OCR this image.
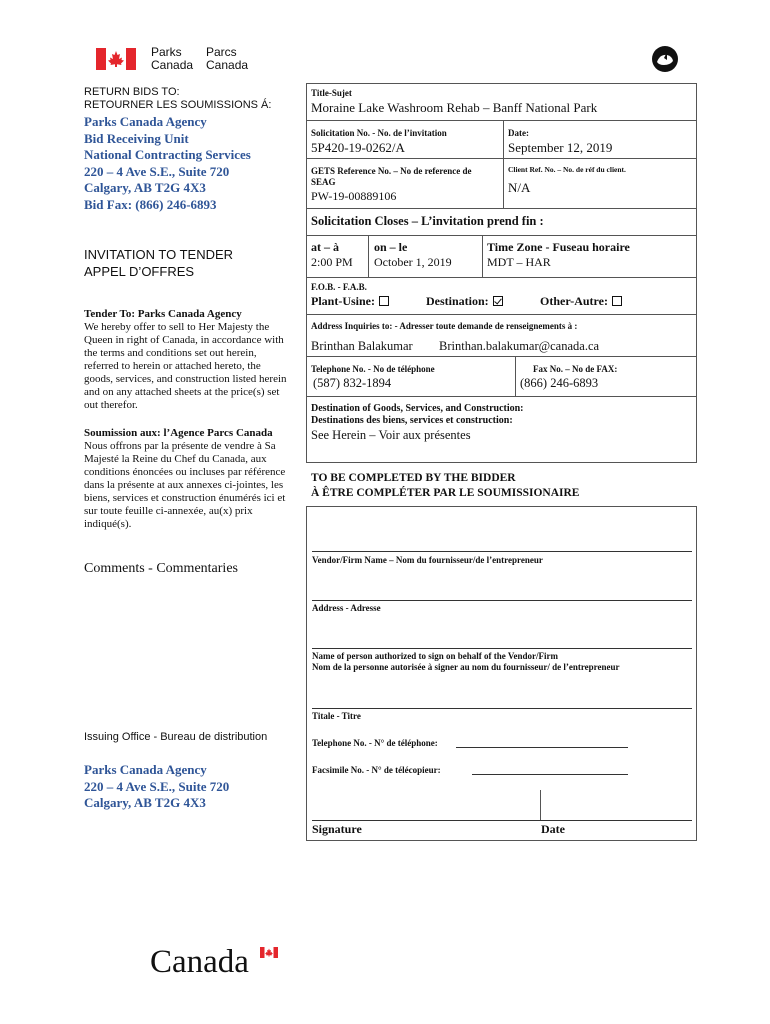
Parks
Canada
Parcs
Canada
RETURN BIDS TO:
RETOURNER LES SOUMISSIONS Á:
Parks Canada Agency
Bid Receiving Unit
National Contracting Services
220 – 4 Ave S.E., Suite 720
Calgary, AB T2G 4X3
Bid Fax: (866) 246-6893
INVITATION TO TENDER
APPEL D’OFFRES
Tender To: Parks Canada Agency
We hereby offer to sell to Her Majesty the
Queen in right of Canada, in accordance with
the terms and conditions set out herein,
referred to herein or attached hereto, the
goods, services, and construction listed herein
and on any attached sheets at the price(s) set
out therefor.
Soumission aux: l’Agence Parcs Canada
Nous offrons par la présente de vendre à Sa
Majesté la Reine du Chef du Canada, aux
conditions énoncées ou incluses par référence
dans la présente at aux annexes ci-jointes, les
biens, services et construction énumérés ici et
sur toute feuille ci-annexée, au(x) prix
indiqué(s).
Comments - Commentaries
Issuing Office - Bureau de distribution
Parks Canada Agency
220 – 4 Ave S.E., Suite 720
Calgary, AB T2G 4X3
Title-Sujet
Moraine Lake Washroom Rehab – Banff National Park
Solicitation No. - No. de l’invitation
5P420-19-0262/A
Date:
September 12, 2019
GETS Reference No. – No de reference de
SEAG
PW-19-00889106
Client Ref. No. – No. de réf du client.
N/A
Solicitation Closes – L’invitation prend fin :
at – à
2:00 PM
on – le
October 1, 2019
Time Zone - Fuseau horaire
MDT – HAR
F.O.B. - F.A.B.
Plant-Usine:	Destination:	Other-Autre:
Address Inquiries to: - Adresser toute demande de renseignements à :
Brinthan Balakumar Brinthan.balakumar@canada.ca
Telephone No. - No de téléphone
(587) 832-1894
Fax No. – No de FAX:
(866) 246-6893
Destination of Goods, Services, and Construction:
Destinations des biens, services et construction:
See Herein – Voir aux présentes
TO BE COMPLETED BY THE BIDDER
À ÊTRE COMPLÉTER PAR LE SOUMISSIONAIRE
Vendor/Firm Name – Nom du fournisseur/de l’entrepreneur
Address - Adresse
Name of person authorized to sign on behalf of the Vendor/Firm
Nom de la personne autorisée à signer au nom du fournisseur/ de l’entrepreneur
Titale - Titre
Telephone No. - N° de téléphone:
Facsimile No. - N° de télécopieur:
Signature	Date
Canada
